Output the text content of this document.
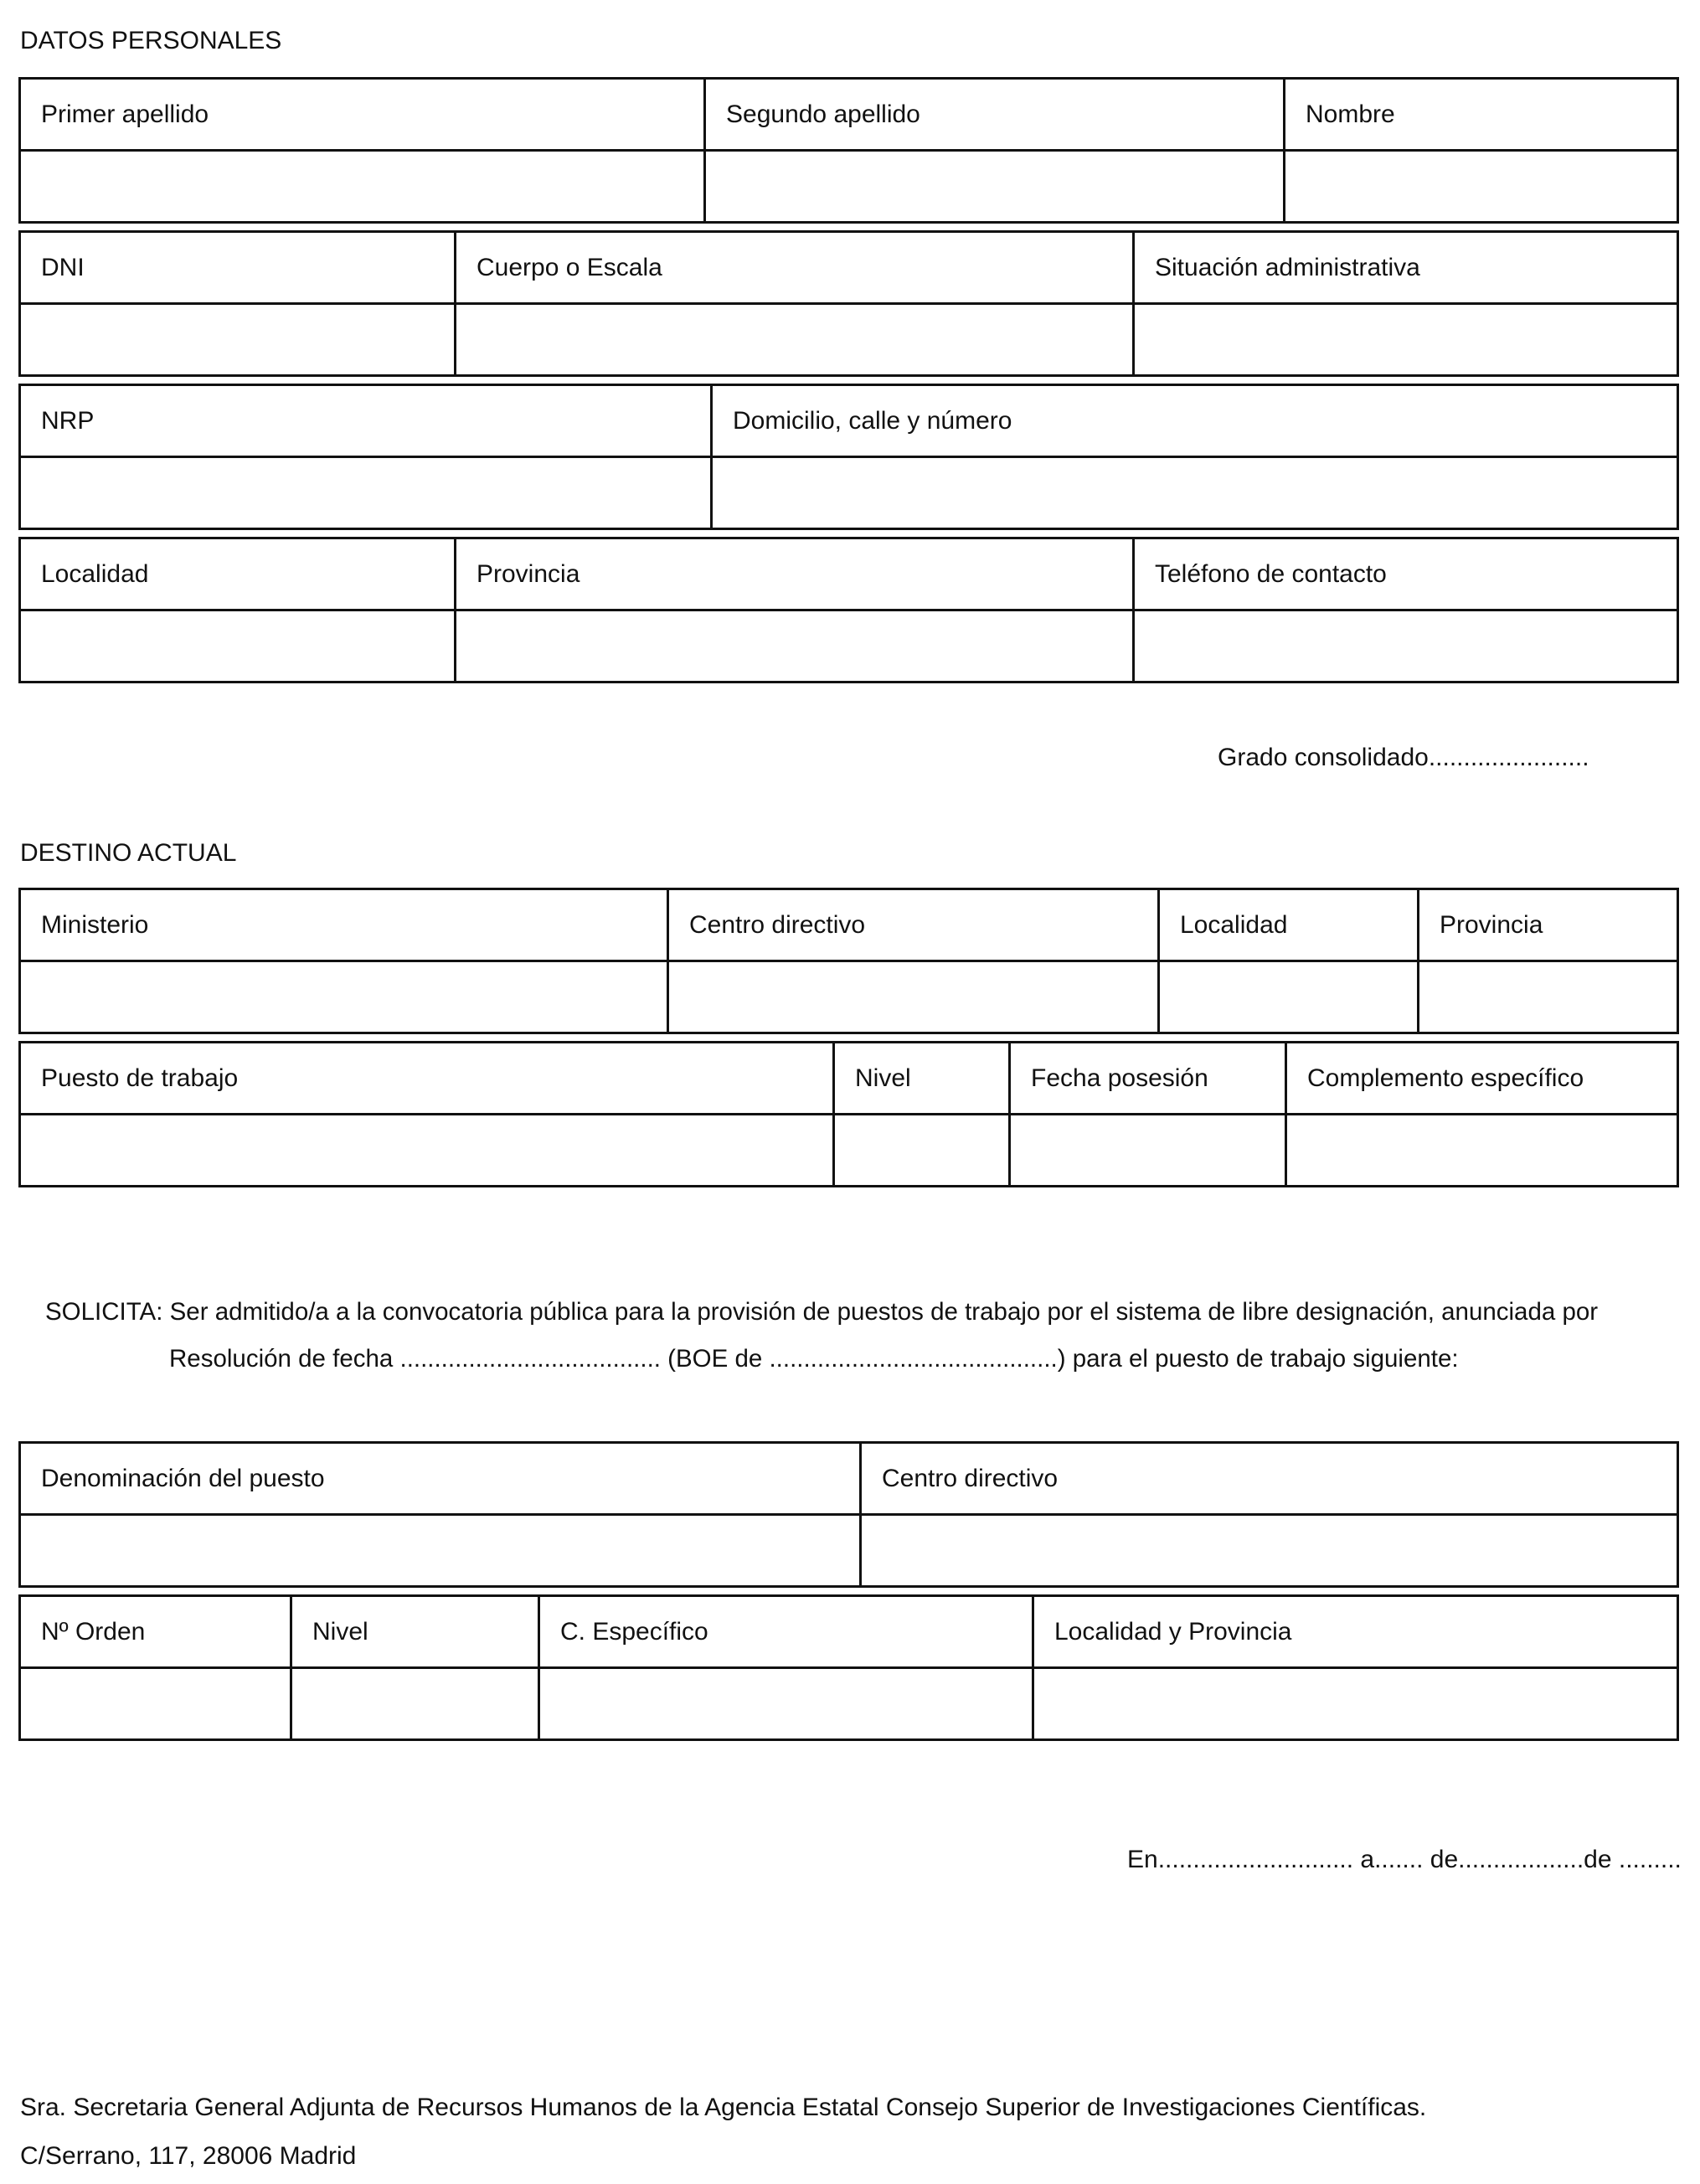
DATOS PERSONALES
Primer apellido	Segundo apellido	Nombre

DNI	Cuerpo o Escala	Situación administrativa

NRP	Domicilio, calle y número

Localidad	Provincia	Teléfono de contacto

Grado consolidado.......................
DESTINO ACTUAL
Ministerio	Centro directivo	Localidad	Provincia

Puesto de trabajo	Nivel	Fecha posesión	Complemento específico

SOLICITA: Ser admitido/a a la convocatoria pública para la provisión de puestos de trabajo por el sistema de libre designación, anunciada por
Resolución de fecha ...................................... (BOE de ..........................................) para el puesto de trabajo siguiente:
Denominación del puesto	Centro directivo

Nº Orden	Nivel	C. Específico	Localidad y Provincia

En............................ a....... de..................de .........
Sra. Secretaria General Adjunta de Recursos Humanos de la Agencia Estatal Consejo Superior de Investigaciones Científicas.
C/Serrano, 117, 28006 Madrid
